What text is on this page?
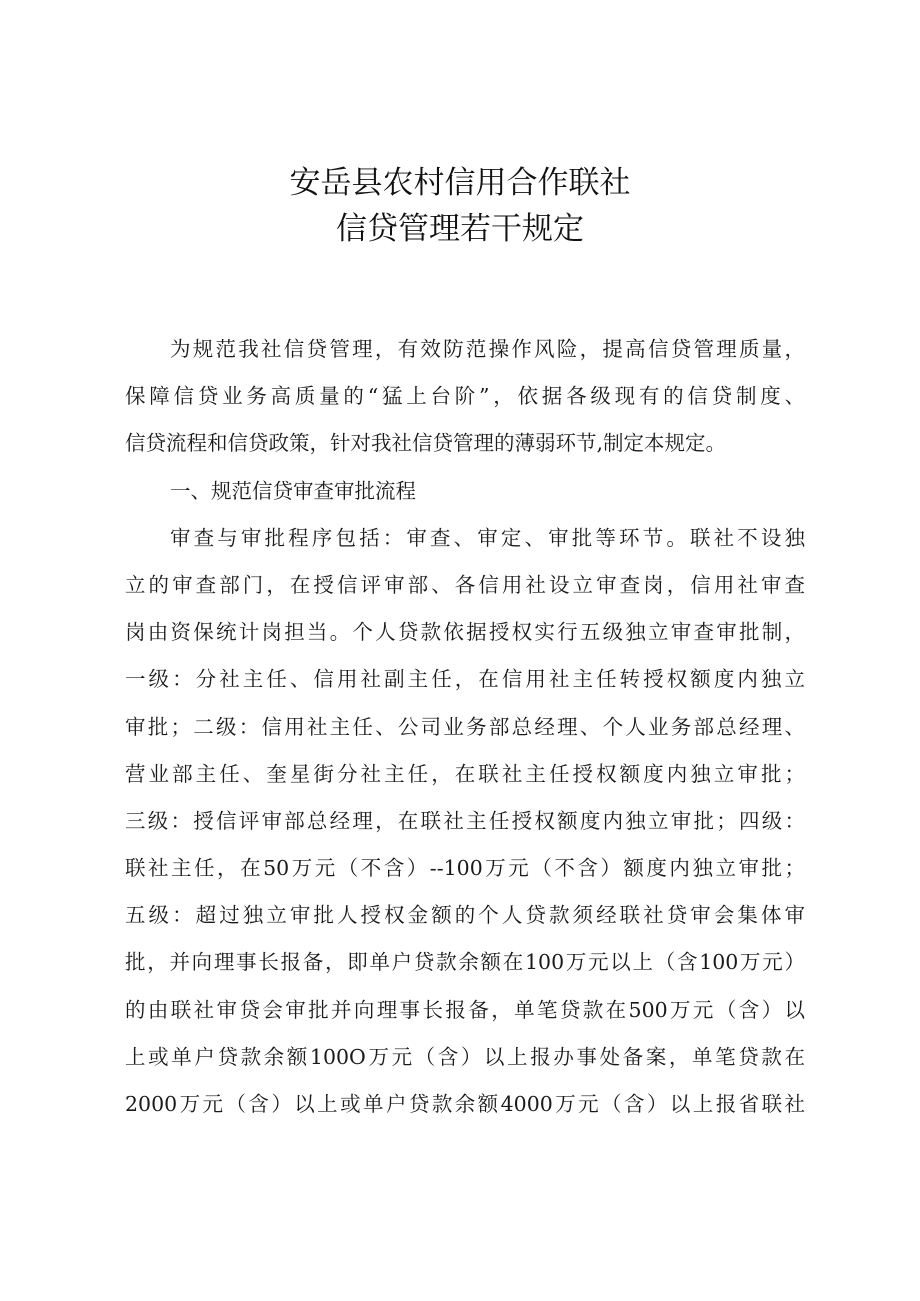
安岳县农村信用合作联社
信贷管理若干规定
为规范我社信贷管理，有效防范操作风险，提高信贷管理质量，
保障信贷业务高质量的“猛上台阶”，依据各级现有的信贷制度、
信贷流程和信贷政策，针对我社信贷管理的薄弱环节,制定本规定。
一、规范信贷审查审批流程
审查与审批程序包括：审查、审定、审批等环节。联社不设独
立的审查部门，在授信评审部、各信用社设立审查岗，信用社审查
岗由资保统计岗担当。个人贷款依据授权实行五级独立审查审批制，
一级：分社主任、信用社副主任，在信用社主任转授权额度内独立
审批；二级：信用社主任、公司业务部总经理、个人业务部总经理、
营业部主任、奎星街分社主任，在联社主任授权额度内独立审批；
三级：授信评审部总经理，在联社主任授权额度内独立审批；四级：
联社主任，在50万元（不含）--100万元（不含）额度内独立审批；
五级：超过独立审批人授权金额的个人贷款须经联社贷审会集体审
批，并向理事长报备，即单户贷款余额在100万元以上（含100万元）
的由联社审贷会审批并向理事长报备，单笔贷款在500万元（含）以
上或单户贷款余额100O万元（含）以上报办事处备案，单笔贷款在
2000万元（含）以上或单户贷款余额4000万元（含）以上报省联社
